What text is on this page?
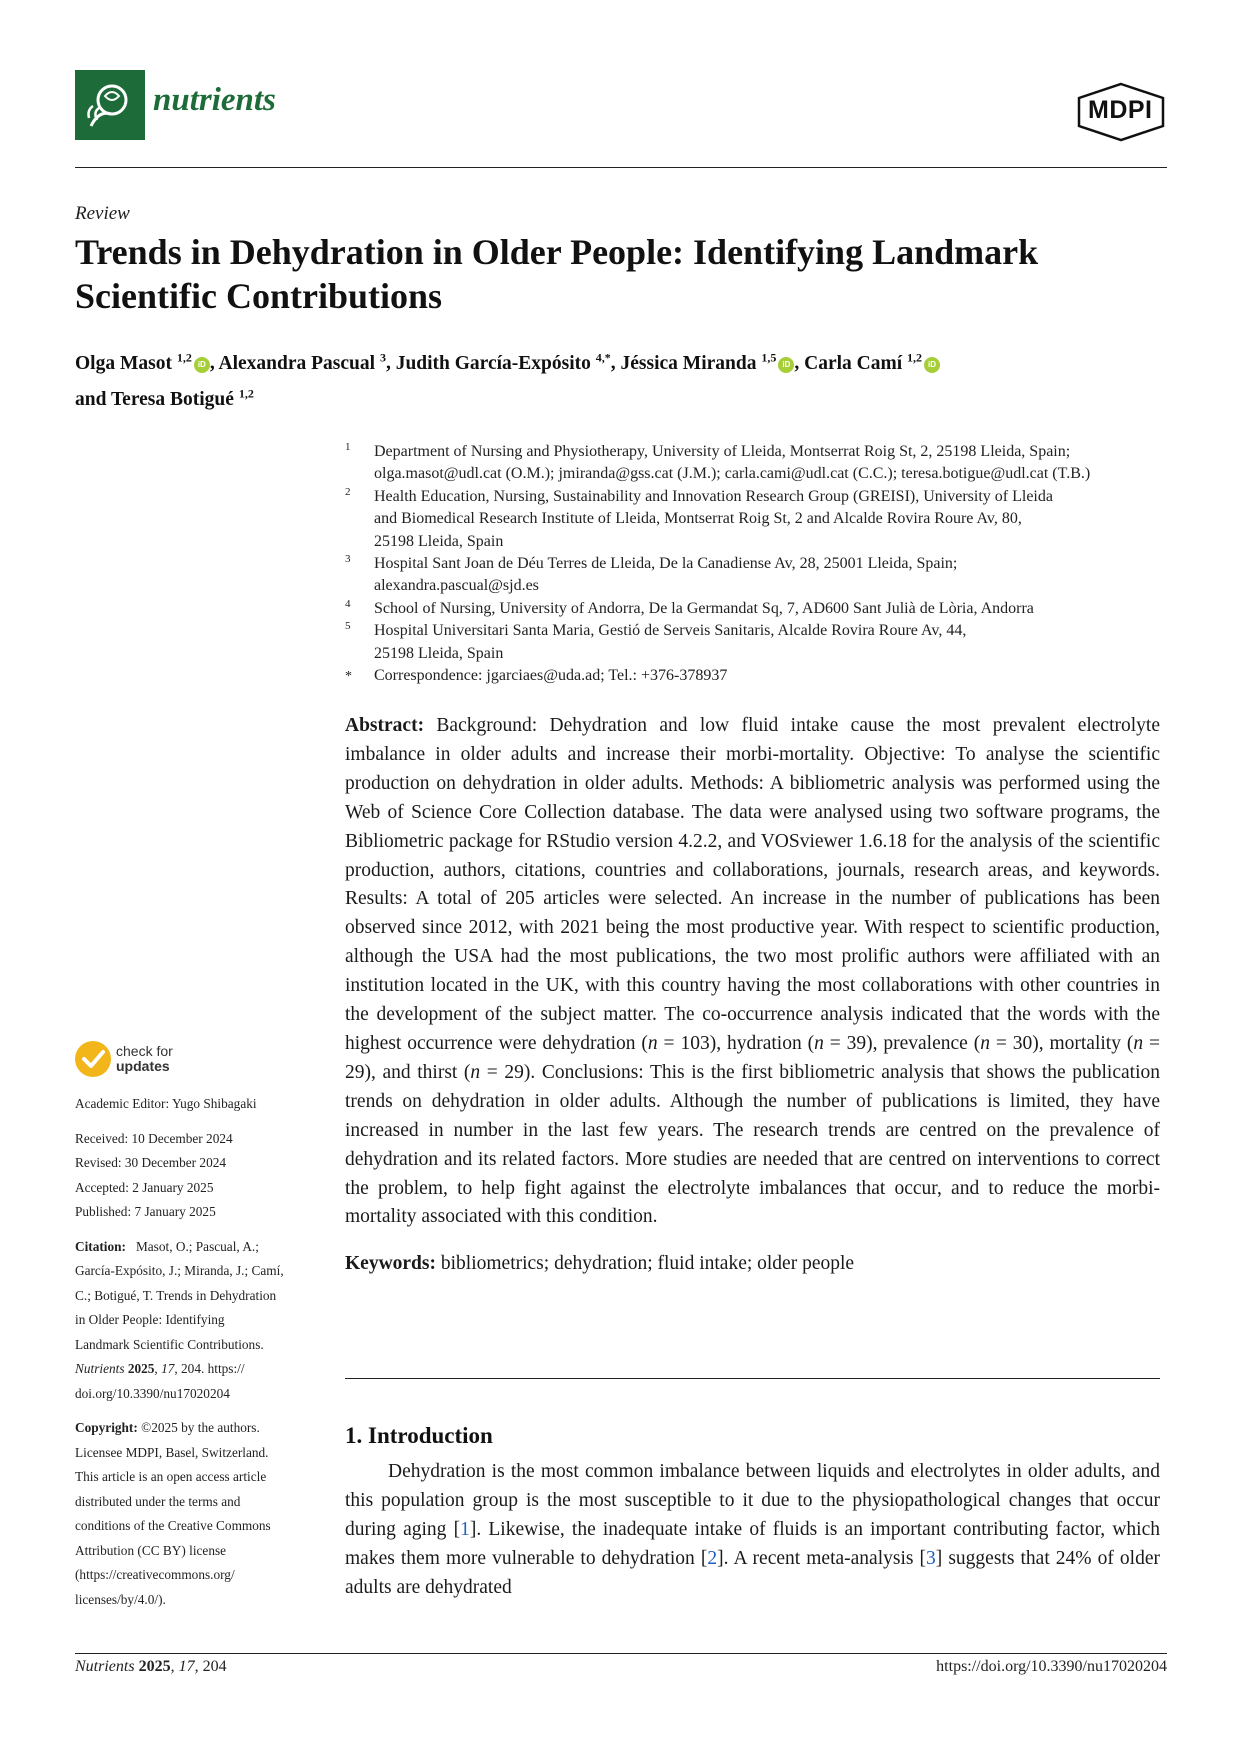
nutrients	MDPI
Review
Trends in Dehydration in Older People: Identifying Landmark Scientific Contributions
Olga Masot $^{1,2}$ iD , Alexandra Pascual $^3$, Judith García-Expósito $^{4,*}$, Jéssica Miranda $^{1,5}$ iD , Carla Camí $^{1,2}$ iD
and Teresa Botigué $^{1,2}$
1 Department of Nursing and Physiotherapy, University of Lleida, Montserrat Roig St, 2, 25198 Lleida, Spain;
olga.masot@udl.cat (O.M.); jmiranda@gss.cat (J.M.); carla.cami@udl.cat (C.C.); teresa.botigue@udl.cat (T.B.)
2 Health Education, Nursing, Sustainability and Innovation Research Group (GREISI), University of Lleida
and Biomedical Research Institute of Lleida, Montserrat Roig St, 2 and Alcalde Rovira Roure Av, 80,
25198 Lleida, Spain
3 Hospital Sant Joan de Déu Terres de Lleida, De la Canadiense Av, 28, 25001 Lleida, Spain;
alexandra.pascual@sjd.es
4 School of Nursing, University of Andorra, De la Germandat Sq, 7, AD600 Sant Julià de Lòria, Andorra
5 Hospital Universitari Santa Maria, Gestió de Serveis Sanitaris, Alcalde Rovira Roure Av, 44,
25198 Lleida, Spain
* Correspondence: jgarciaes@uda.ad; Tel.: +376-378937
check for
updates
Academic Editor: Yugo Shibagaki
Received: 10 December 2024
Revised: 30 December 2024
Accepted: 2 January 2025
Published: 7 January 2025
Citation: Masot, O.; Pascual, A.;
García-Expósito, J.; Miranda, J.; Camí,
C.; Botigué, T. Trends in Dehydration
in Older People: Identifying
Landmark Scientific Contributions.
Nutrients 2025, 17, 204. https://
doi.org/10.3390/nu17020204
Copyright: ©2025 by the authors.
Licensee MDPI, Basel, Switzerland.
This article is an open access article
distributed under the terms and
conditions of the Creative Commons
Attribution (CC BY) license
(https://creativecommons.org/
licenses/by/4.0/).

Abstract: Background: Dehydration and low fluid intake cause the most prevalent electrolyte imbalance in older adults and increase their morbi-mortality. Objective: To analyse the scientific production on dehydration in older adults. Methods: A bibliometric analysis was performed using the Web of Science Core Collection database. The data were analysed using two software programs, the Bibliometric package for RStudio version 4.2.2, and VOSviewer 1.6.18 for the analysis of the scientific production, authors, citations, countries and collaborations, journals, research areas, and keywords. Results: A total of 205 articles were selected. An increase in the number of publications has been observed since 2012, with 2021 being the most productive year. With respect to scientific production, although the USA had the most publications, the two most prolific authors were affiliated with an institution located in the UK, with this country having the most collaborations with other countries in the development of the subject matter. The co-occurrence analysis indicated that the words with the highest occurrence were dehydration (n = 103), hydration (n = 39), prevalence (n = 30), mortality (n = 29), and thirst (n = 29). Conclusions: This is the first bibliometric analysis that shows the publication trends on dehydration in older adults. Although the number of publications is limited, they have increased in number in the last few years. The research trends are centred on the prevalence of dehydration and its related factors. More studies are needed that are centred on interventions to correct the problem, to help fight against the electrolyte imbalances that occur, and to reduce the morbi-mortality associated with this condition.

Keywords: bibliometrics; dehydration; fluid intake; older people

1. Introduction
Dehydration is the most common imbalance between liquids and electrolytes in older adults, and this population group is the most susceptible to it due to the physiopathological changes that occur during aging [1]. Likewise, the inadequate intake of fluids is an important contributing factor, which makes them more vulnerable to dehydration [2]. A recent meta-analysis [3] suggests that 24% of older adults are dehydrated
Nutrients 2025, 17, 204	https://doi.org/10.3390/nu17020204
